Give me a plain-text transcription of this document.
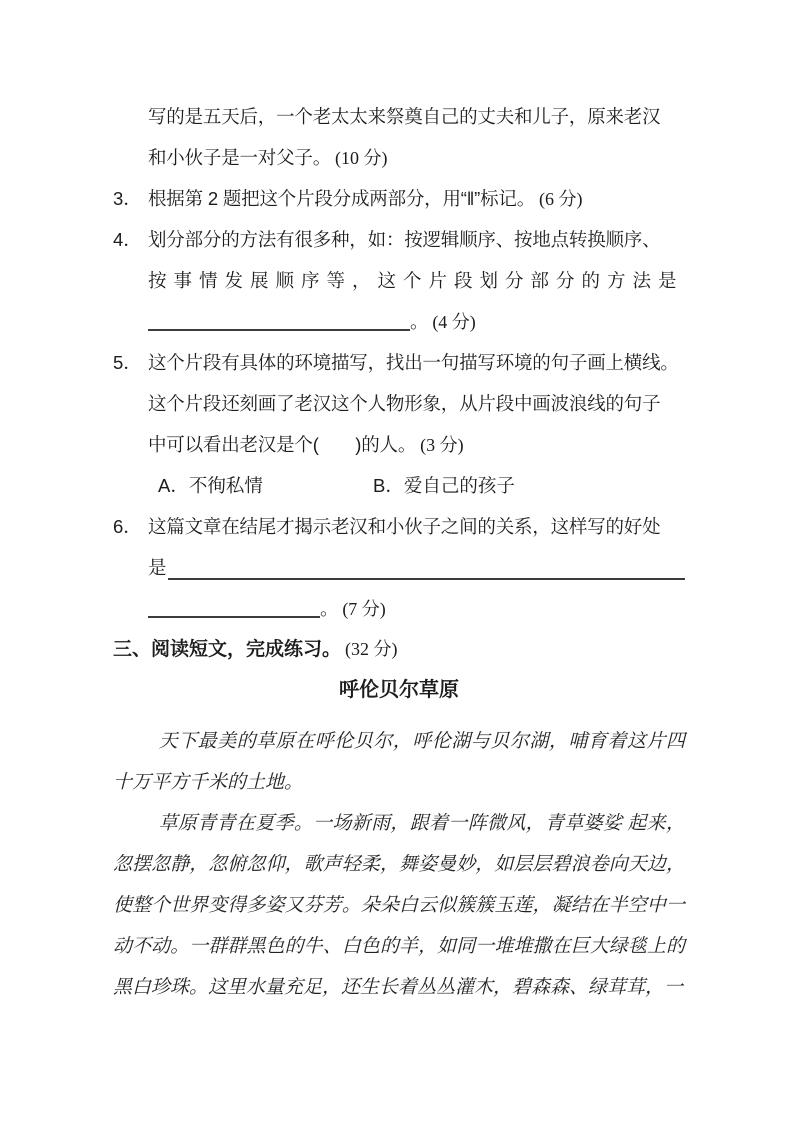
写的是五天后，一个老太太来祭奠自己的丈夫和儿子，原来老汉
和小伙子是一对父子。 (10 分)
3． 根据第 2 题把这个片段分成两部分，用“‖”标记。 (6 分)
4． 划分部分的方法有很多种，如：按逻辑顺序、按地点转换顺序、
按事情发展顺序等，这个片段划分部分的方法是
。 (4 分)
5． 这个片段有具体的环境描写，找出一句描写环境的句子画上横线。
这个片段还刻画了老汉这个人物形象，从片段中画波浪线的句子
中可以看出老汉是个(　　)的人。 (3 分)
A．不徇私情	B．爱自己的孩子
6． 这篇文章在结尾才揭示老汉和小伙子之间的关系，这样写的好处
是
。 (7 分)
三、阅读短文，完成练习。 (32 分)
呼伦贝尔草原

天下最美的草原在呼伦贝尔，呼伦湖与贝尔湖，哺育着这片四十万平方千米的土地。

草原青青在夏季。一场新雨，跟着一阵微风，青草婆娑 起来，忽摆忽静，忽俯忽仰，歌声轻柔，舞姿曼妙，如层层碧浪卷向天边，使整个世界变得多姿又芬芳。朵朵白云似簇簇玉莲，凝结在半空中一动不动。一群群黑色的牛、白色的羊，如同一堆堆撒在巨大绿毯上的黑白珍珠。这里水量充足，还生长着丛丛灌木，碧森森、绿茸茸，一
